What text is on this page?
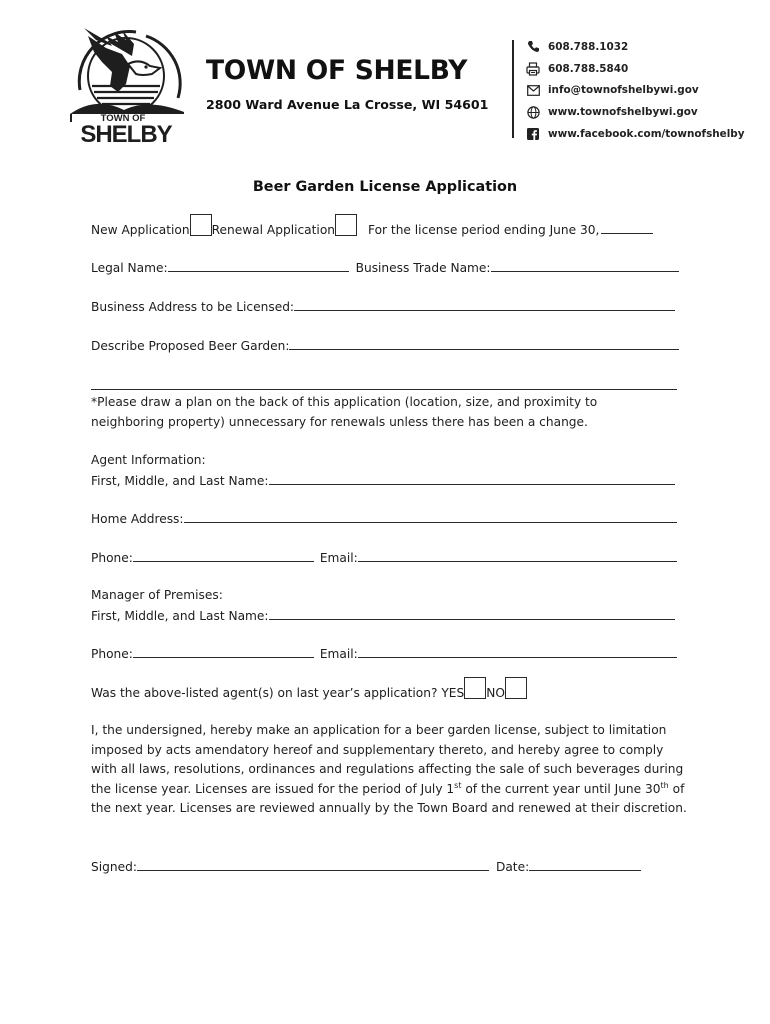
TOWN OF
SHELBY
TOWN OF SHELBY
2800 Ward Avenue La Crosse, WI 54601
608.788.1032
608.788.5840
info@townofshelbywi.gov
www.townofshelbywi.gov
www.facebook.com/townofshelby
Beer Garden License Application
New Application Renewal Application	For the license period ending June 30,
Legal Name:	Business Trade Name:
Business Address to be Licensed:
Describe Proposed Beer Garden:
*Please draw a plan on the back of this application (location, size, and proximity to neighboring property) unnecessary for renewals unless there has been a change.
Agent Information:
First, Middle, and Last Name:
Home Address:
Phone:	Email:
Manager of Premises:
First, Middle, and Last Name:
Phone:	Email:
Was the above-listed agent(s) on last year’s application? YES NO
I, the undersigned, hereby make an application for a beer garden license, subject to limitation imposed by acts amendatory hereof and supplementary thereto, and hereby agree to comply with all laws, resolutions, ordinances and regulations affecting the sale of such beverages during the license year. Licenses are issued for the period of July 1st of the current year until June 30th of the next year. Licenses are reviewed annually by the Town Board and renewed at their discretion.
Signed:	Date:
